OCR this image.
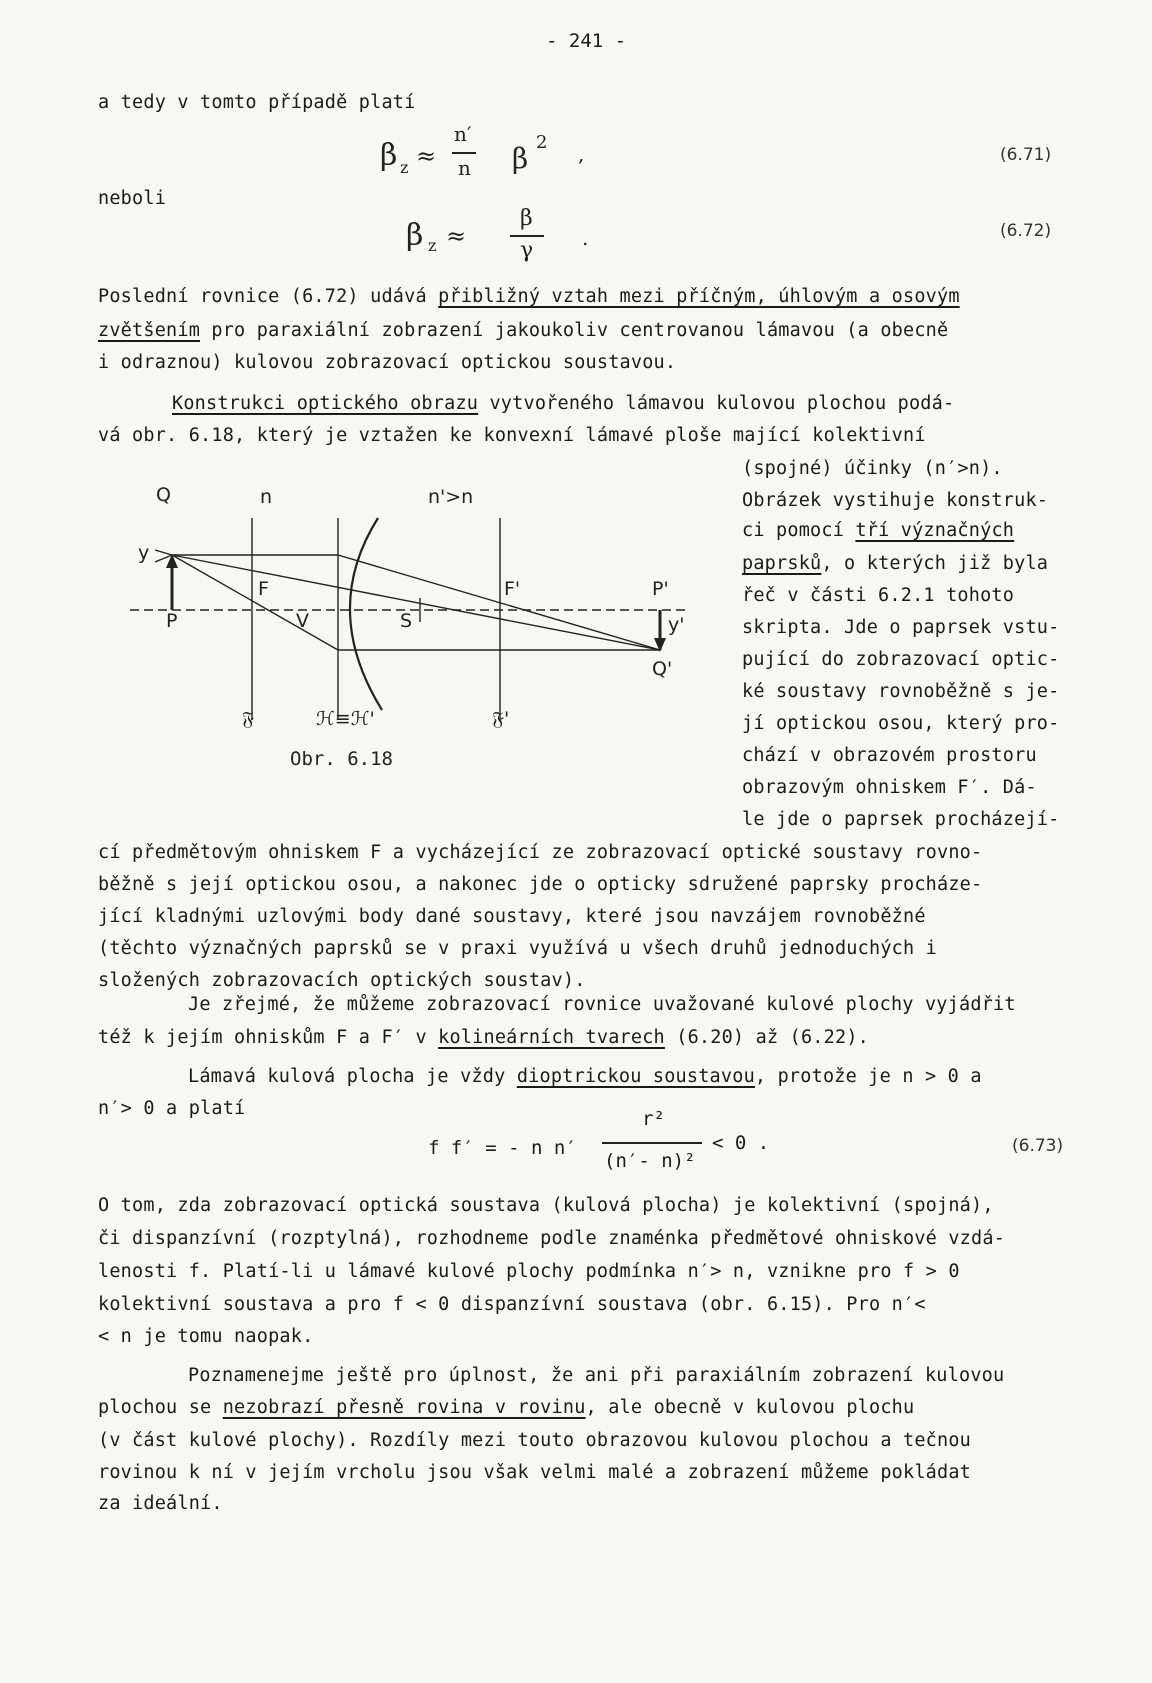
- 241 -
a tedy v tomto případě platí
β z ≈
n′
n β 2 ,	(6.71)
neboli
β z ≈
β
γ .	(6.72)
Poslední rovnice (6.72) udává přibližný vztah mezi příčným, úhlovým a osovým
zvětšením pro paraxiální zobrazení jakoukoliv centrovanou lámavou (a obecně
i odraznou) kulovou zobrazovací optickou soustavou.
Konstrukci optického obrazu vytvořeného lámavou kulovou plochou podá-
vá obr. 6.18, který je vztažen ke konvexní lámavé ploše mající kolektivní
(spojné) účinky (n′>n).
Obrázek vystihuje konstruk-
ci pomocí tří význačných
paprsků, o kterých již byla
řeč v části 6.2.1 tohoto
skripta. Jde o paprsek vstu-
pující do zobrazovací optic-
ké soustavy rovnoběžně s je-
jí optickou osou, který pro-
chází v obrazovém prostoru
obrazovým ohniskem F′. Dá-
le jde o paprsek procházejí-
cí předmětovým ohniskem F a vycházející ze zobrazovací optické soustavy rovno-
běžně s její optickou osou, a nakonec jde o opticky sdružené paprsky procháze-
jící kladnými uzlovými body dané soustavy, které jsou navzájem rovnoběžné
(těchto význačných paprsků se v praxi využívá u všech druhů jednoduchých i
složených zobrazovacích optických soustav).
Q	n	n'>n
y
P
F
V	S
F'	P'
y'
Q'
𝔉	ℋ≡ℋ'	𝔉'
Obr. 6.18
Je zřejmé, že můžeme zobrazovací rovnice uvažované kulové plochy vyjádřit
též k jejím ohniskům F a F′ v kolineárních tvarech (6.20) až (6.22).
Lámavá kulová plocha je vždy dioptrickou soustavou, protože je n > 0 a
n′> 0 a platí
f f′ = - n n′
r²
(n′- n)²
< 0 .	(6.73)
O tom, zda zobrazovací optická soustava (kulová plocha) je kolektivní (spojná),
či dispanzívní (rozptylná), rozhodneme podle znaménka předmětové ohniskové vzdá-
lenosti f. Platí-li u lámavé kulové plochy podmínka n′> n, vznikne pro f > 0
kolektivní soustava a pro f < 0 dispanzívní soustava (obr. 6.15). Pro n′<
< n je tomu naopak.
Poznamenejme ještě pro úplnost, že ani při paraxiálním zobrazení kulovou
plochou se nezobrazí přesně rovina v rovinu, ale obecně v kulovou plochu
(v část kulové plochy). Rozdíly mezi touto obrazovou kulovou plochou a tečnou
rovinou k ní v jejím vrcholu jsou však velmi malé a zobrazení můžeme pokládat
za ideální.
